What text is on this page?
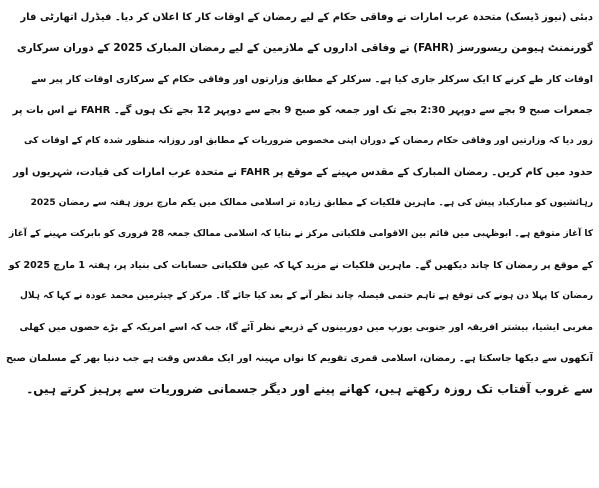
دبئی (نیوز ڈیسک) متحدہ عرب امارات نے وفاقی حکام کے لیے رمضان کے اوقات کار کا اعلان کر دیا۔ فیڈرل اتھارٹی فار
گورنمنٹ ہیومن ریسورسز (FAHR) نے وفاقی اداروں کے ملازمین کے لیے رمضان المبارک 2025 کے دوران سرکاری
اوقات کار طے کرنے کا ایک سرکلر جاری کیا ہے۔ سرکلر کے مطابق وزارتوں اور وفاقی حکام کے سرکاری اوقات کار پیر سے
جمعرات صبح 9 بجے سے دوپہر 2:30 بجے تک اور جمعہ کو صبح 9 بجے سے دوپہر 12 بجے تک ہوں گے۔ FAHR نے اس بات پر
زور دیا کہ وزارتیں اور وفاقی حکام رمضان کے دوران اپنی مخصوص ضروریات کے مطابق اور روزانہ منظور شدہ کام کے اوقات کی
حدود میں کام کریں۔ رمضان المبارک کے مقدس مہینے کے موقع پر FAHR نے متحدہ عرب امارات کی قیادت، شہریوں اور
رہائشیوں کو مبارکباد پیش کی ہے۔ ماہرین فلکیات کے مطابق زیادہ تر اسلامی ممالک میں یکم مارچ بروز ہفتہ سے رمضان 2025
کا آغاز متوقع ہے۔ ابوظہبی میں قائم بین الاقوامی فلکیاتی مرکز نے بتایا کہ اسلامی ممالک جمعہ 28 فروری کو بابرکت مہینے کے آغاز
کے موقع پر رمضان کا چاند دیکھیں گے۔ ماہرین فلکیات نے مزید کہا کہ عین فلکیاتی حسابات کی بنیاد پر، ہفتہ 1 مارچ 2025 کو
رمضان کا پہلا دن ہونے کی توقع ہے تاہم حتمی فیصلہ چاند نظر آنے کے بعد کیا جائے گا۔ مرکز کے چیئرمین محمد عودہ نے کہا کہ ہلال
مغربی ایشیا، بیشتر افریقہ اور جنوبی یورپ میں دوربینوں کے ذریعے نظر آئے گا، جب کہ اسے امریکہ کے بڑے حصوں میں کھلی
آنکھوں سے دیکھا جاسکتا ہے۔ رمضان، اسلامی قمری تقویم کا نواں مہینہ اور ایک مقدس وقت ہے جب دنیا بھر کے مسلمان صبح
سے غروب آفتاب تک روزہ رکھتے ہیں، کھانے پینے اور دیگر جسمانی ضروریات سے پرہیز کرتے ہیں۔
